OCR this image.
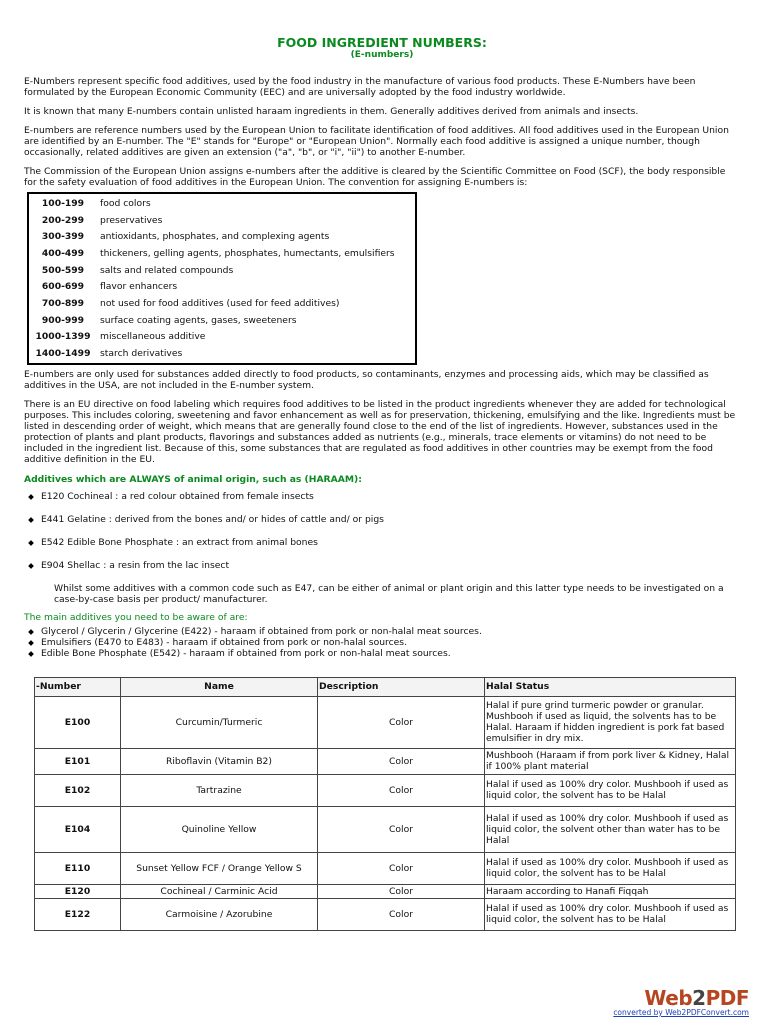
FOOD INGREDIENT NUMBERS:
(E-numbers)

E-Numbers represent specific food additives, used by the food industry in the manufacture of various food products. These E-Numbers have been formulated by the European Economic Community (EEC) and are universally adopted by the food industry worldwide.

It is known that many E-numbers contain unlisted haraam ingredients in them. Generally additives derived from animals and insects.

E-numbers are reference numbers used by the European Union to facilitate identification of food additives. All food additives used in the European Union are identified by an E-number. The "E" stands for "Europe" or "European Union". Normally each food additive is assigned a unique number, though occasionally, related additives are given an extension ("a", "b", or "i", "ii") to another E-number.

The Commission of the European Union assigns e-numbers after the additive is cleared by the Scientific Committee on Food (SCF), the body responsible for the safety evaluation of food additives in the European Union. The convention for assigning E-numbers is:

100-199	food colors
200-299	preservatives
300-399	antioxidants, phosphates, and complexing agents
400-499	thickeners, gelling agents, phosphates, humectants, emulsifiers
500-599	salts and related compounds
600-699	flavor enhancers
700-899	not used for food additives (used for feed additives)
900-999	surface coating agents, gases, sweeteners
1000-1399	miscellaneous additive
1400-1499	starch derivatives

E-numbers are only used for substances added directly to food products, so contaminants, enzymes and processing aids, which may be classified as additives in the USA, are not included in the E-number system.

There is an EU directive on food labeling which requires food additives to be listed in the product ingredients whenever they are added for technological purposes. This includes coloring, sweetening and favor enhancement as well as for preservation, thickening, emulsifying and the like. Ingredients must be listed in descending order of weight, which means that are generally found close to the end of the list of ingredients. However, substances used in the protection of plants and plant products, flavorings and substances added as nutrients (e.g., minerals, trace elements or vitamins) do not need to be included in the ingredient list. Because of this, some substances that are regulated as food additives in other countries may be exempt from the food additive definition in the EU.

Additives which are ALWAYS of animal origin, such as (HARAAM):
E120 Cochineal : a red colour obtained from female insects
E441 Gelatine : derived from the bones and/ or hides of cattle and/ or pigs
E542 Edible Bone Phosphate : an extract from animal bones
E904 Shellac : a resin from the lac insect

Whilst some additives with a common code such as E47, can be either of animal or plant origin and this latter type needs to be investigated on a case-by-case basis per product/ manufacturer.

The main additives you need to be aware of are:
Glycerol / Glycerin / Glycerine (E422) - haraam if obtained from pork or non-halal meat sources.
Emulsifiers (E470 to E483) - haraam if obtained from pork or non-halal sources.
Edible Bone Phosphate (E542) - haraam if obtained from pork or non-halal meat sources.
-Number	Name	Description	Halal Status
E100	Curcumin/Turmeric	Color	Halal if pure grind turmeric powder or granular. Mushbooh if used as liquid, the solvents has to be Halal. Haraam if hidden ingredient is pork fat based emulsifier in dry mix.
E101	Riboflavin (Vitamin B2)	Color	Mushbooh (Haraam if from pork liver & Kidney, Halal if 100% plant material
E102	Tartrazine	Color	Halal if used as 100% dry color. Mushbooh if used as liquid color, the solvent has to be Halal
E104	Quinoline Yellow	Color	Halal if used as 100% dry color. Mushbooh if used as liquid color, the solvent other than water has to be Halal
E110	Sunset Yellow FCF / Orange Yellow S	Color	Halal if used as 100% dry color. Mushbooh if used as liquid color, the solvent has to be Halal
E120	Cochineal / Carminic Acid	Color	Haraam according to Hanafi Fiqqah
E122	Carmoisine / Azorubine	Color	Halal if used as 100% dry color. Mushbooh if used as liquid color, the solvent has to be Halal
Web2PDF
converted by Web2PDFConvert.com
